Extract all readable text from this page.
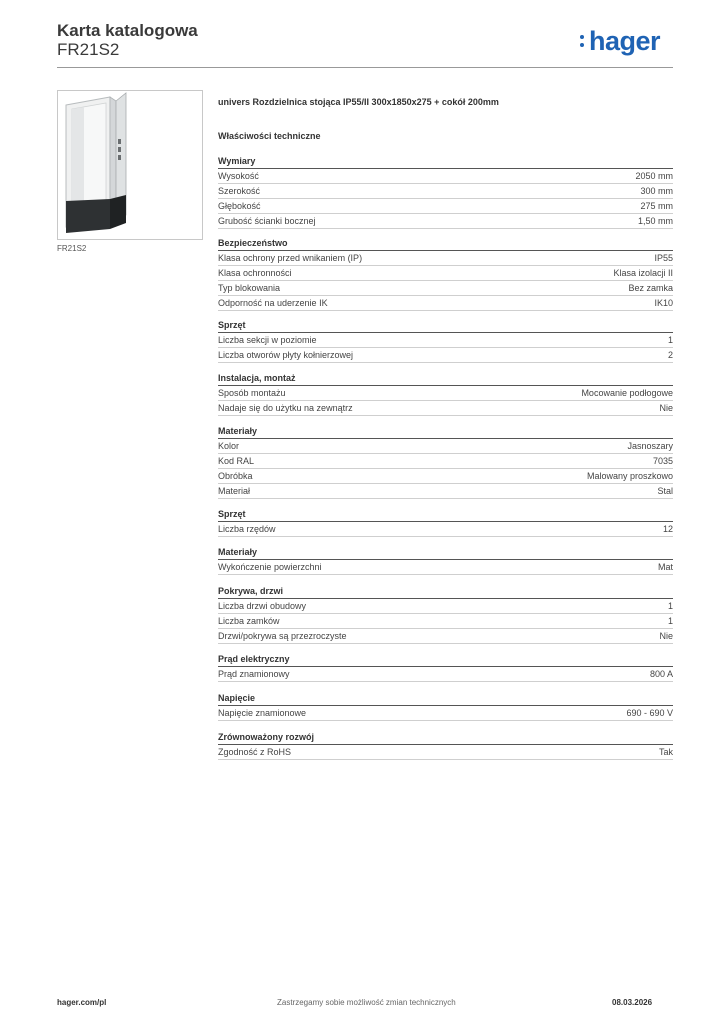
Karta katalogowa
FR21S2	hager
FR21S2
univers Rozdzielnica stojąca IP55/II 300x1850x275 + cokół 200mm
Właściwości techniczne
Wymiary
Wysokość	2050 mm
Szerokość	300 mm
Głębokość	275 mm
Grubość ścianki bocznej	1,50 mm
Bezpieczeństwo
Klasa ochrony przed wnikaniem (IP)	IP55
Klasa ochronności	Klasa izolacji II
Typ blokowania	Bez zamka
Odporność na uderzenie IK	IK10
Sprzęt
Liczba sekcji w poziomie	1
Liczba otworów płyty kołnierzowej	2
Instalacja, montaż
Sposób montażu	Mocowanie podłogowe
Nadaje się do użytku na zewnątrz	Nie
Materiały
Kolor	Jasnoszary
Kod RAL	7035
Obróbka	Malowany proszkowo
Materiał	Stal
Sprzęt
Liczba rzędów	12
Materiały
Wykończenie powierzchni	Mat
Pokrywa, drzwi
Liczba drzwi obudowy	1
Liczba zamków	1
Drzwi/pokrywa są przezroczyste	Nie
Prąd elektryczny
Prąd znamionowy	800 A
Napięcie
Napięcie znamionowe	690 - 690 V
Zrównoważony rozwój
Zgodność z RoHS	Tak
hager.com/pl	Zastrzegamy sobie możliwość zmian technicznych	08.03.2026
